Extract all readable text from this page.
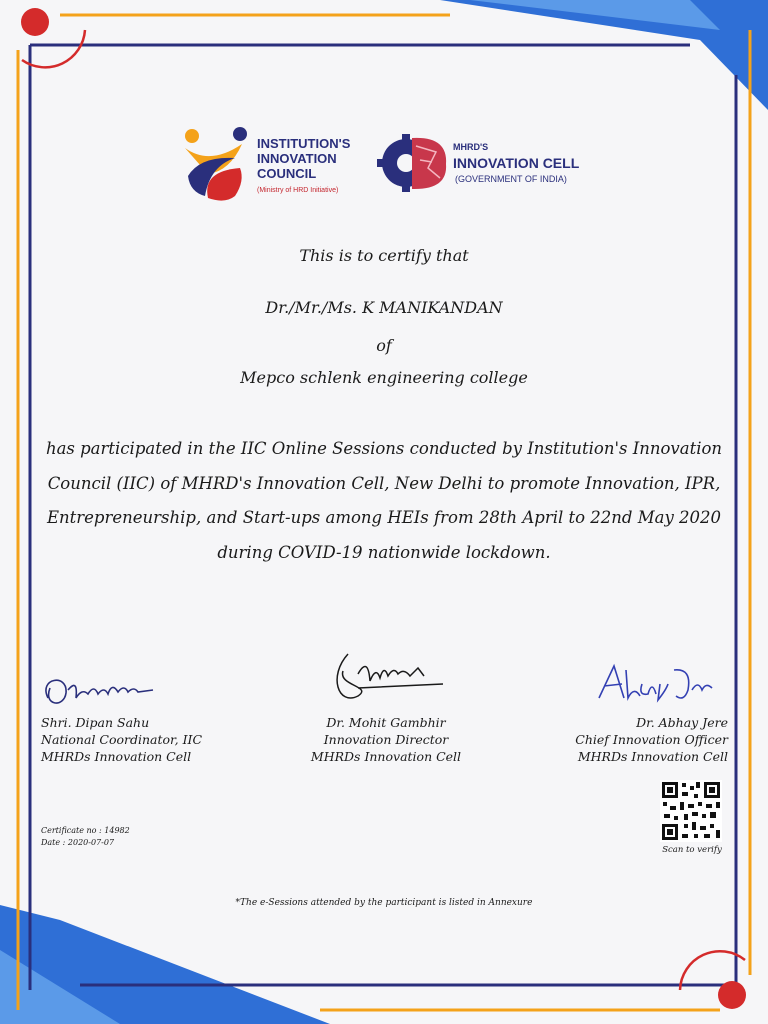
INSTITUTION'S
INNOVATION
COUNCIL
(Ministry of HRD Initiative)
MHRD'S
INNOVATION CELL
(GOVERNMENT OF INDIA)
This is to certify that
Dr./Mr./Ms. K MANIKANDAN
of
Mepco schlenk engineering college
has participated in the IIC Online Sessions conducted by Institution's Innovation Council (IIC) of MHRD's Innovation Cell, New Delhi to promote Innovation, IPR, Entrepreneurship, and Start-ups among HEIs from 28th April to 22nd May 2020 during COVID-19 nationwide lockdown.
Shri. Dipan Sahu
National Coordinator, IIC
MHRDs Innovation Cell
Dr. Mohit Gambhir
Innovation Director
MHRDs Innovation Cell
Dr. Abhay Jere
Chief Innovation Officer
MHRDs Innovation Cell
Certificate no : 14982
Date : 2020-07-07
Scan to verify
*The e-Sessions attended by the participant is listed in Annexure
